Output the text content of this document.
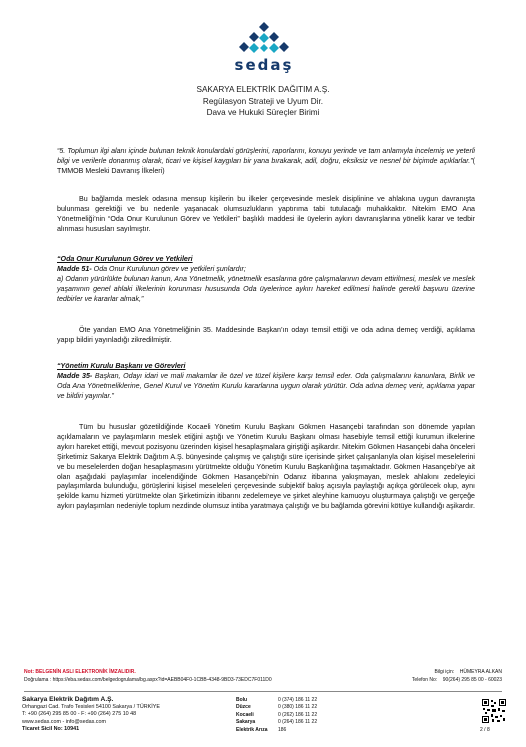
sedaş
SAKARYA ELEKTRİK DAĞITIM A.Ş.
Regülasyon Strateji ve Uyum Dir.
Dava ve Hukuki Süreçler Birimi
“5. Toplumun ilgi alanı içinde bulunan teknik konulardaki görüşlerini, raporlarını, konuyu yerinde ve tam anlamıyla incelemiş ve yeterli bilgi ve verilerle donanmış olarak, ticari ve kişisel kaygıları bir yana bırakarak, adil, doğru, eksiksiz ve nesnel bir biçimde açıklarlar.”( TMMOB Mesleki Davranış İlkeleri)
Bu bağlamda meslek odasına mensup kişilerin bu ilkeler çerçevesinde meslek disiplinine ve ahlakına uygun davranışta bulunması gerektiği ve bu nedenle yaşanacak olumsuzlukların yaptırıma tabi tutulacağı muhakkaktır. Nitekim EMO Ana Yönetmeliği’nin “Oda Onur Kurulunun Görev ve Yetkileri” başlıklı maddesi ile üyelerin aykırı davranışlarına yönelik karar ve tedbir alınması hususları sayılmıştır.
“Oda Onur Kurulunun Görev ve Yetkileri
Madde 51- Oda Onur Kurulunun görev ve yetkileri şunlardır;
a) Odanın yürürlükte bulunan kanun, Ana Yönetmelik, yönetmelik esaslarına göre çalışmalarının devam ettirilmesi, meslek ve meslek yaşamının genel ahlaki ilkelerinin korunması hususunda Oda üyelerince aykırı hareket edilmesi halinde gerekli başvuru üzerine tedbirler ve kararlar almak,”
Öte yandan EMO Ana Yönetmeliğinin 35. Maddesinde Başkan’ın odayı temsil ettiği ve oda adına demeç verdiği, açıklama yapıp bildiri yayınladığı zikredilmiştir.
“Yönetim Kurulu Başkanı ve Görevleri
Madde 35- Başkan, Odayı idari ve mali makamlar ile özel ve tüzel kişilere karşı temsil eder. Oda çalışmalarını kanunlara, Birlik ve Oda Ana Yönetmeliklerine, Genel Kurul ve Yönetim Kurulu kararlarına uygun olarak yürütür. Oda adına demeç verir, açıklama yapar ve bildiri yayınlar.”
Tüm bu hususlar gözetildiğinde Kocaeli Yönetim Kurulu Başkanı Gökmen Hasançebi tarafından son dönemde yapılan açıklamaların ve paylaşımların meslek etiğini aştığı ve Yönetim Kurulu Başkanı olması hasebiyle temsil ettiği kurumun ilkelerine aykırı hareket ettiği, mevcut pozisyonu üzerinden kişisel hesaplaşmalara giriştiği aşikardır. Nitekim Gökmen Hasançebi daha önceleri Şirketimiz Sakarya Elektrik Dağıtım A.Ş. bünyesinde çalışmış ve çalıştığı süre içerisinde şirket çalışanlarıyla olan kişisel meselelerini ve bu meselelerden doğan hesaplaşmasını yürütmekte olduğu Yönetim Kurulu Başkanlığına taşımaktadır. Gökmen Hasançebi’ye ait olan aşağıdaki paylaşımlar incelendiğinde Gökmen Hasançebi’nin Odanız itibarına yakışmayan, meslek ahlakını zedeleyici paylaşımlarda bulunduğu, görüşlerini kişisel meseleleri çerçevesinde subjektif bakış açısıyla paylaştığı açıkça görülecek olup, aynı şekilde kamu hizmeti yürütmekte olan Şirketimizin itibarını zedelemeye ve şirket aleyhine kamuoyu oluşturmaya çalıştığı ve gerçeğe aykırı paylaşımları nedeniyle toplum nezdinde olumsuz intiba yaratmaya çalıştığı ve bu bağlamda görevini kötüye kullandığı aşikardır.
Not: BELGENİN ASLI ELEKTRONİK İMZALIDIR.	Bilgi için: HÜMEYRA ALKAN
Doğrulama : https://eba.sedas.com/belgedogrulama/bg.aspx?id=AEBB04F0-1CBB-4348-9BD3-73EDC7F011D0	Telefon No: 90(264) 295 85 00 - 60023
Sakarya Elektrik Dağıtım A.Ş.
Orhangazi Cad. Trafo Tesisleri 54100 Sakarya / TÜRKİYE
T: +90 (264) 295 85 00 - F: +90 (264) 275 10 48
www.sedas.com - info@sedas.com
Ticaret Sicil No: 10941
Bolu	0 (374) 186 11 22
Düzce	0 (380) 186 11 22
Kocaeli	0 (262) 186 11 22
Sakarya	0 (264) 186 11 22
Elektrik Arıza	186	2 / 8
